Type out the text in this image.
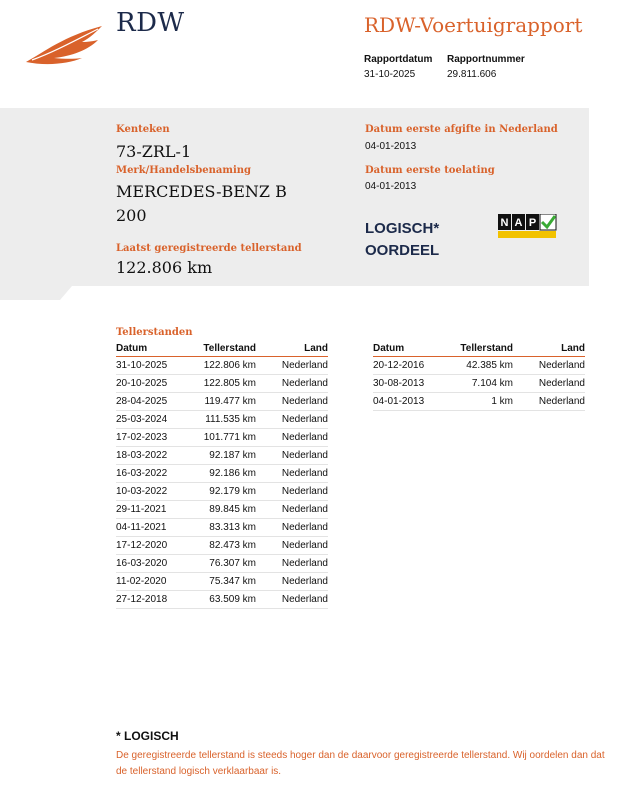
RDW	RDW-Voertuigrapport
Rapportdatum
31-10-2025
Rapportnummer
29.811.606
Kenteken
73-ZRL-1
Merk/Handelsbenaming
MERCEDES-BENZ B
200
Laatst geregistreerde tellerstand
122.806 km
Datum eerste afgifte in Nederland
04-01-2013
Datum eerste toelating
04-01-2013
LOGISCH*
OORDEEL
N A P
Tellerstanden
Datum	Tellerstand	Land
31-10-2025	122.806 km	Nederland
20-10-2025	122.805 km	Nederland
28-04-2025	119.477 km	Nederland
25-03-2024	111.535 km	Nederland
17-02-2023	101.771 km	Nederland
18-03-2022	92.187 km	Nederland
16-03-2022	92.186 km	Nederland
10-03-2022	92.179 km	Nederland
29-11-2021	89.845 km	Nederland
04-11-2021	83.313 km	Nederland
17-12-2020	82.473 km	Nederland
16-03-2020	76.307 km	Nederland
11-02-2020	75.347 km	Nederland
27-12-2018	63.509 km	Nederland
Datum	Tellerstand	Land
20-12-2016	42.385 km	Nederland
30-08-2013	7.104 km	Nederland
04-01-2013	1 km	Nederland
* LOGISCH
De geregistreerde tellerstand is steeds hoger dan de daarvoor geregistreerde tellerstand. Wij oordelen dan dat de tellerstand logisch verklaarbaar is.
